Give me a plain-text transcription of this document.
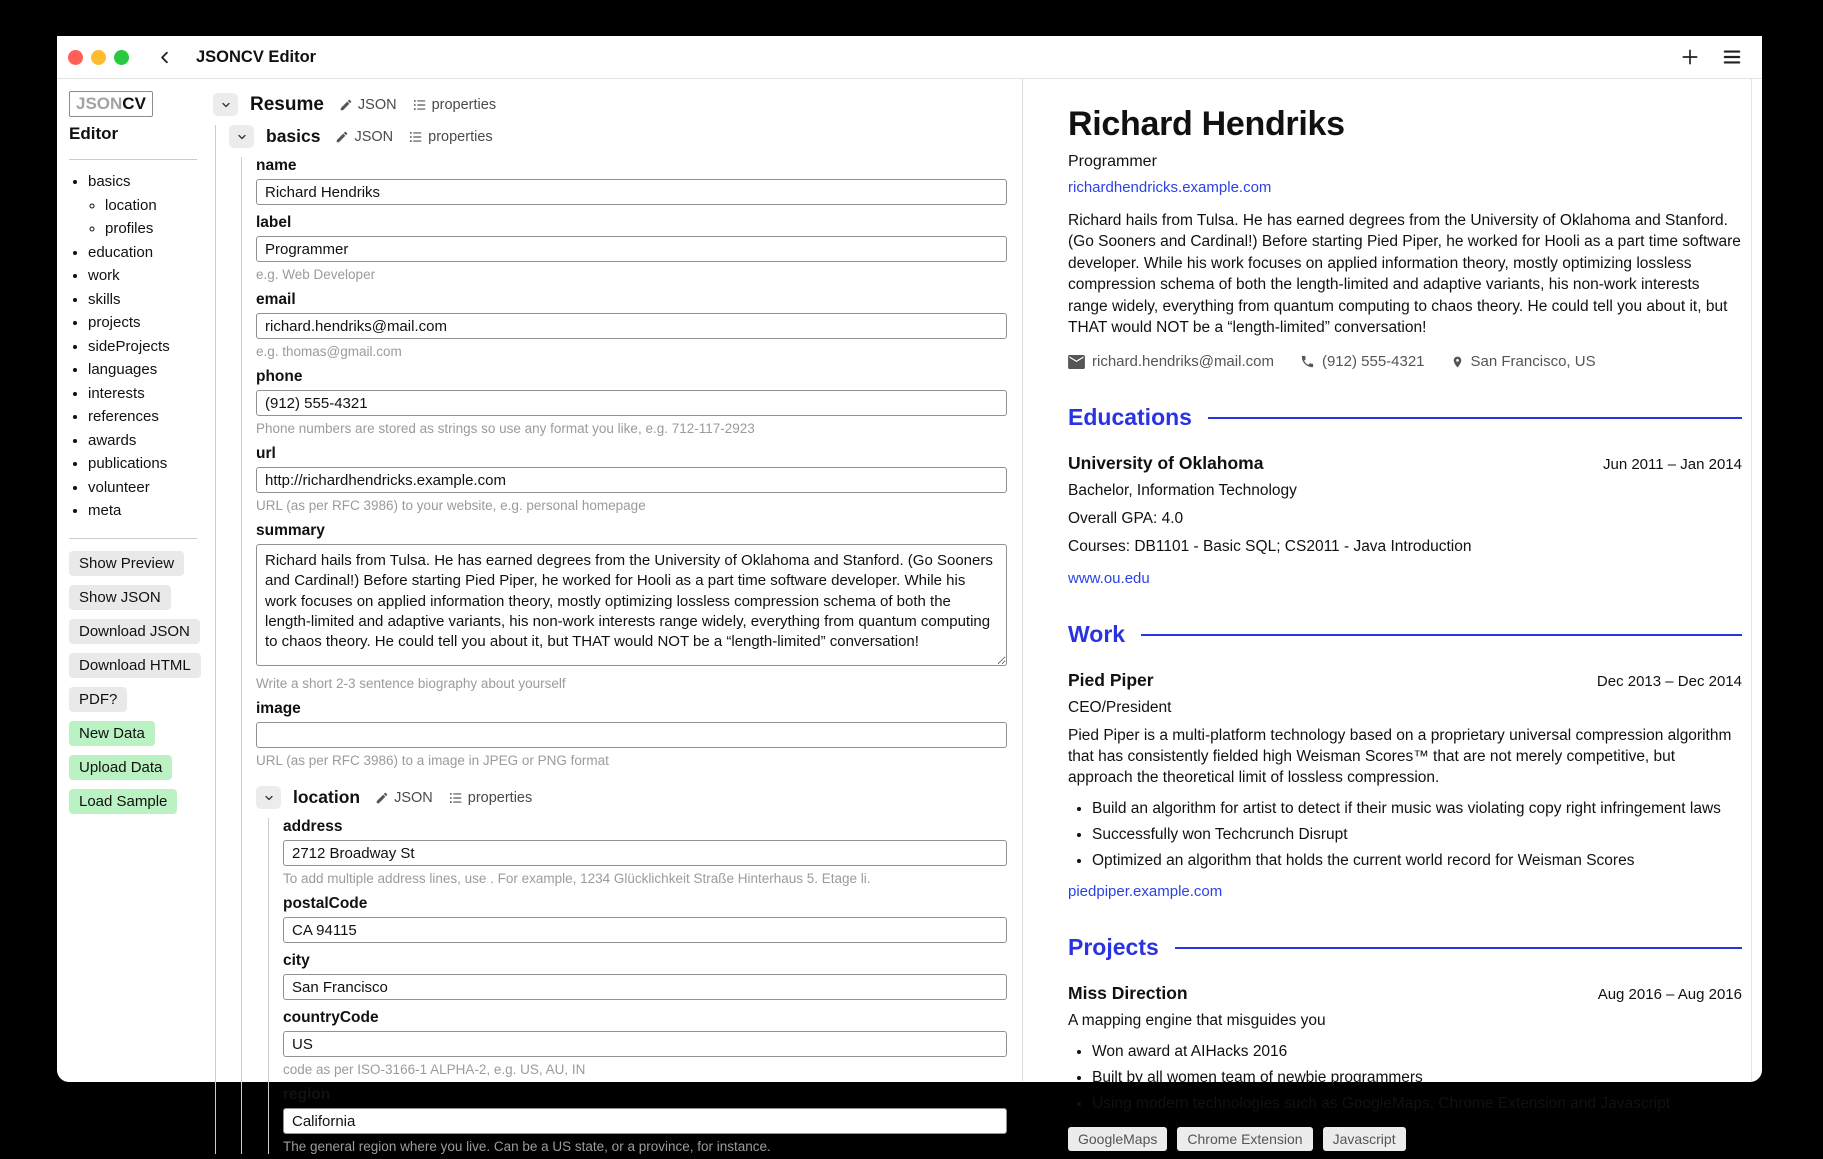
JSONCV Editor
JSONCV
Editor
• basics
◦ location
◦ profiles
• education
• work
• skills
• projects
• sideProjects
• languages
• interests
• references
• awards
• publications
• volunteer
• meta
Show Preview
Show JSON
Download JSON
Download HTML
PDF?
New Data
Upload Data
Load Sample
Resume JSON properties
basics JSON properties
name
Richard Hendriks
label
Programmer
e.g. Web Developer
email
richard.hendriks@mail.com
e.g. thomas@gmail.com
phone
(912) 555-4321
Phone numbers are stored as strings so use any format you like, e.g. 712-117-2923
url
http://richardhendricks.example.com
URL (as per RFC 3986) to your website, e.g. personal homepage
summary
Richard hails from Tulsa. He has earned degrees from the University of Oklahoma and Stanford. (Go Sooners and Cardinal!) Before starting Pied Piper, he worked for Hooli as a part time software developer. While his work focuses on applied information theory, mostly optimizing lossless compression schema of both the length-limited and adaptive variants, his non-work interests range widely, everything from quantum computing to chaos theory. He could tell you about it, but THAT would NOT be a “length-limited” conversation!
Write a short 2-3 sentence biography about yourself
image
URL (as per RFC 3986) to a image in JPEG or PNG format
location JSON properties
address
2712 Broadway St
To add multiple address lines, use . For example, 1234 Glücklichkeit Straße Hinterhaus 5. Etage li.
postalCode
CA 94115
city
San Francisco
countryCode
US
code as per ISO-3166-1 ALPHA-2, e.g. US, AU, IN
region
California
The general region where you live. Can be a US state, or a province, for instance.
Richard Hendriks
Programmer
richardhendricks.example.com
Richard hails from Tulsa. He has earned degrees from the University of Oklahoma and Stanford. (Go Sooners and Cardinal!) Before starting Pied Piper, he worked for Hooli as a part time software developer. While his work focuses on applied information theory, mostly optimizing lossless compression schema of both the length-limited and adaptive variants, his non-work interests range widely, everything from quantum computing to chaos theory. He could tell you about it, but THAT would NOT be a “length-limited” conversation!
richard.hendriks@mail.com	(912) 555-4321	San Francisco, US
Educations
University of Oklahoma	Jun 2011 – Jan 2014
Bachelor, Information Technology
Overall GPA: 4.0
Courses: DB1101 - Basic SQL; CS2011 - Java Introduction
www.ou.edu
Work
Pied Piper	Dec 2013 – Dec 2014
CEO/President
Pied Piper is a multi-platform technology based on a proprietary universal compression algorithm that has consistently fielded high Weisman Scores™ that are not merely competitive, but approach the theoretical limit of lossless compression.
• Build an algorithm for artist to detect if their music was violating copy right infringement laws
• Successfully won Techcrunch Disrupt
• Optimized an algorithm that holds the current world record for Weisman Scores
piedpiper.example.com
Projects
Miss Direction	Aug 2016 – Aug 2016
A mapping engine that misguides you
• Won award at AIHacks 2016
• Built by all women team of newbie programmers
• Using modern technologies such as GoogleMaps, Chrome Extension and Javascript
GoogleMaps	Chrome Extension	Javascript
